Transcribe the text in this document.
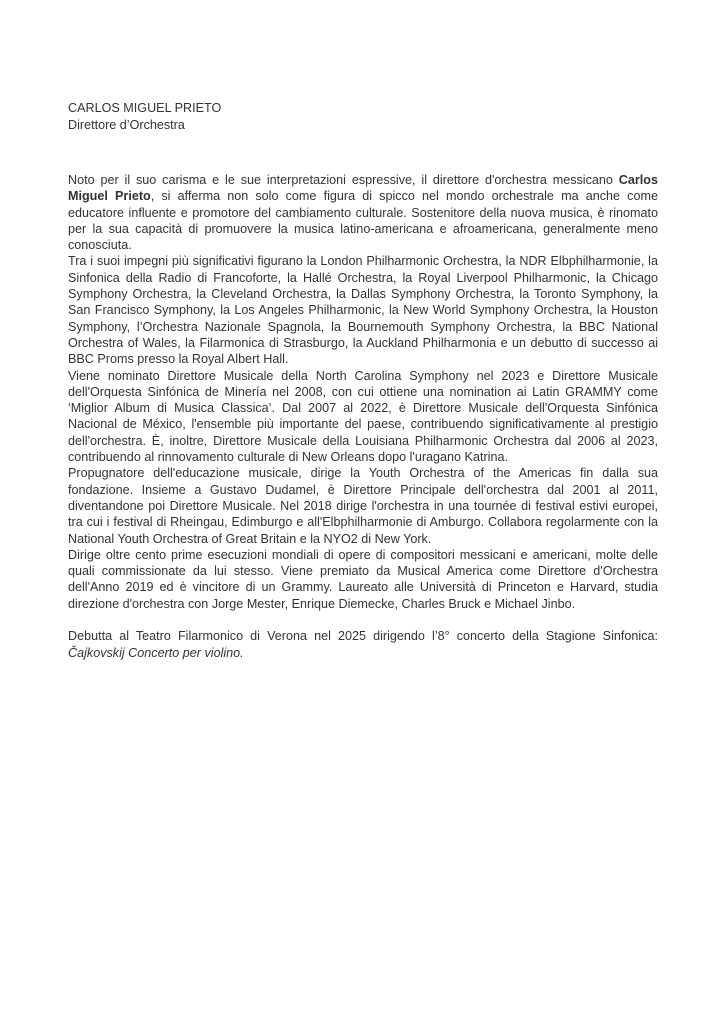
CARLOS MIGUEL PRIETO
Direttore d’Orchestra

Noto per il suo carisma e le sue interpretazioni espressive, il direttore d'orchestra messicano Carlos Miguel Prieto, si afferma non solo come figura di spicco nel mondo orchestrale ma anche come educatore influente e promotore del cambiamento culturale. Sostenitore della nuova musica, è rinomato per la sua capacità di promuovere la musica latino-americana e afroamericana, generalmente meno conosciuta.

Tra i suoi impegni più significativi figurano la London Philharmonic Orchestra, la NDR Elbphilharmonie, la Sinfonica della Radio di Francoforte, la Hallé Orchestra, la Royal Liverpool Philharmonic, la Chicago Symphony Orchestra, la Cleveland Orchestra, la Dallas Symphony Orchestra, la Toronto Symphony, la San Francisco Symphony, la Los Angeles Philharmonic, la New World Symphony Orchestra, la Houston Symphony, l’Orchestra Nazionale Spagnola, la Bournemouth Symphony Orchestra, la BBC National Orchestra of Wales, la Filarmonica di Strasburgo, la Auckland Philharmonia e un debutto di successo ai BBC Proms presso la Royal Albert Hall.

Viene nominato Direttore Musicale della North Carolina Symphony nel 2023 e Direttore Musicale dell'Orquesta Sinfónica de Minería nel 2008, con cui ottiene una nomination ai Latin GRAMMY come ‘Miglior Album di Musica Classica’. Dal 2007 al 2022, è Direttore Musicale dell'Orquesta Sinfónica Nacional de México, l'ensemble più importante del paese, contribuendo significativamente al prestigio dell'orchestra. È, inoltre, Direttore Musicale della Louisiana Philharmonic Orchestra dal 2006 al 2023, contribuendo al rinnovamento culturale di New Orleans dopo l'uragano Katrina.

Propugnatore dell'educazione musicale, dirige la Youth Orchestra of the Americas fin dalla sua fondazione. Insieme a Gustavo Dudamel, è Direttore Principale dell'orchestra dal 2001 al 2011, diventandone poi Direttore Musicale. Nel 2018 dirige l'orchestra in una tournée di festival estivi europei, tra cui i festival di Rheingau, Edimburgo e all'Elbphilharmonie di Amburgo. Collabora regolarmente con la National Youth Orchestra of Great Britain e la NYO2 di New York.

Dirige oltre cento prime esecuzioni mondiali di opere di compositori messicani e americani, molte delle quali commissionate da lui stesso. Viene premiato da Musical America come Direttore d'Orchestra dell'Anno 2019 ed è vincitore di un Grammy. Laureato alle Università di Princeton e Harvard, studia direzione d'orchestra con Jorge Mester, Enrique Diemecke, Charles Bruck e Michael Jinbo.

Debutta al Teatro Filarmonico di Verona nel 2025 dirigendo l’8° concerto della Stagione Sinfonica: Čajkovskij Concerto per violino.
